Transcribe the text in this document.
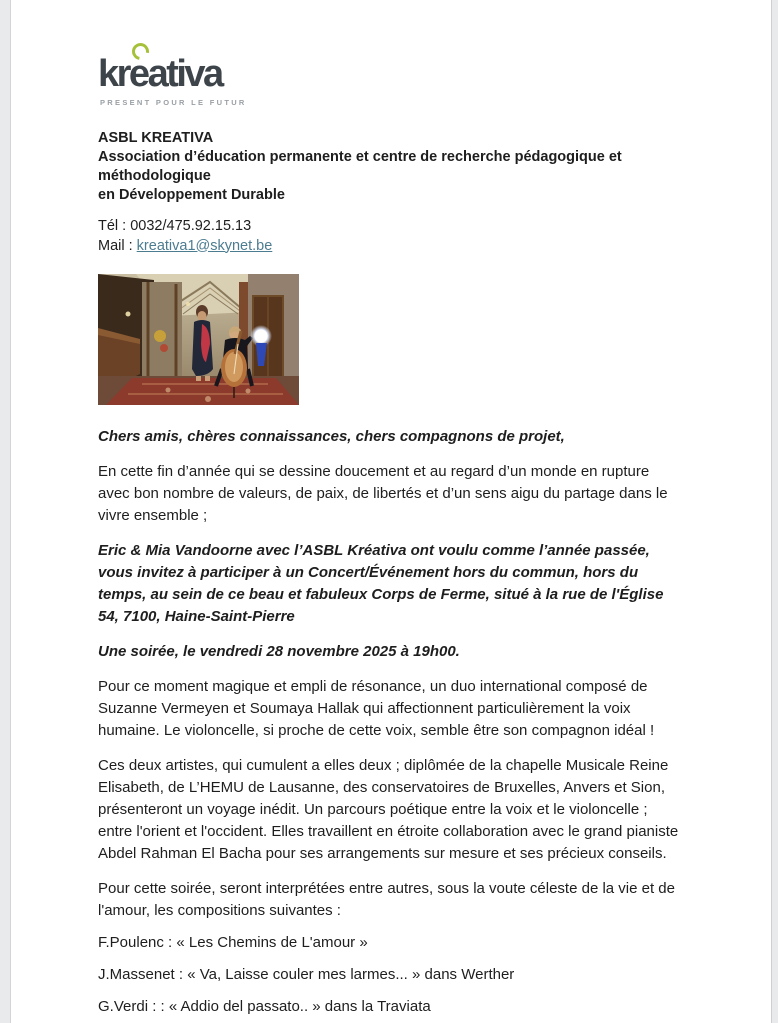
kr
eativa
PRESENT POUR LE FUTUR
ASBL KREATIVA
Association d’éducation permanente et centre de recherche pédagogique et méthodologique
en Développement Durable
Tél : 0032/475.92.15.13
Mail : kreativa1@skynet.be

Chers amis, chères connaissances, chers compagnons de projet,

En cette fin d’année qui se dessine doucement et au regard d’un monde en rupture avec bon nombre de valeurs, de paix, de libertés et d’un sens aigu du partage dans le vivre ensemble ;

Eric & Mia Vandoorne avec l’ASBL Kréativa ont voulu comme l’année passée, vous invitez à participer à un Concert/Événement hors du commun, hors du temps, au sein de ce beau et fabuleux Corps de Ferme, situé à la rue de l'Église 54, 7100, Haine-Saint-Pierre

Une soirée, le vendredi 28 novembre 2025 à 19h00.

Pour ce moment magique et empli de résonance, un duo international composé de Suzanne Vermeyen et Soumaya Hallak qui affectionnent particulièrement la voix humaine. Le violoncelle, si proche de cette voix, semble être son compagnon idéal !

Ces deux artistes, qui cumulent a elles deux ; diplômée de la chapelle Musicale Reine Elisabeth, de L’HEMU de Lausanne, des conservatoires de Bruxelles, Anvers et Sion, présenteront un voyage inédit. Un parcours poétique entre la voix et le violoncelle ; entre l'orient et l'occident. Elles travaillent en étroite collaboration avec le grand pianiste Abdel Rahman El Bacha pour ses arrangements sur mesure et ses précieux conseils.

Pour cette soirée, seront interprétées entre autres, sous la voute céleste de la vie et de l'amour, les compositions suivantes :

F.Poulenc : « Les Chemins de L'amour »

J.Massenet : « Va, Laisse couler mes larmes... » dans Werther

G.Verdi : : « Addio del passato.. » dans la Traviata
